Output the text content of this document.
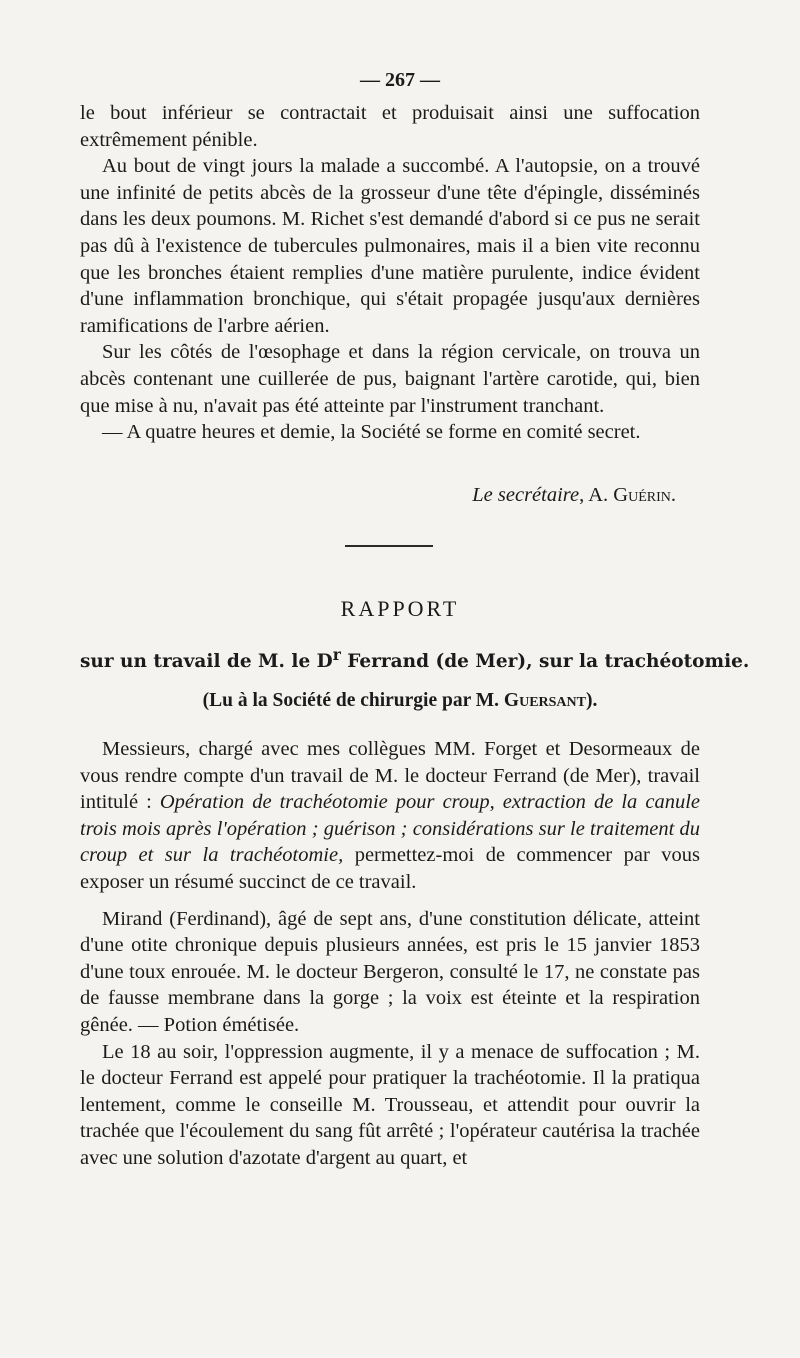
— 267 —

le bout inférieur se contractait et produisait ainsi une suffocation extrêmement pénible.

Au bout de vingt jours la malade a succombé. A l'autopsie, on a trouvé une infinité de petits abcès de la grosseur d'une tête d'épingle, disséminés dans les deux poumons. M. Richet s'est demandé d'abord si ce pus ne serait pas dû à l'existence de tubercules pulmonaires, mais il a bien vite reconnu que les bronches étaient remplies d'une matière purulente, indice évident d'une inflammation bronchique, qui s'était propagée jusqu'aux dernières ramifications de l'arbre aérien.

Sur les côtés de l'œsophage et dans la région cervicale, on trouva un abcès contenant une cuillerée de pus, baignant l'artère carotide, qui, bien que mise à nu, n'avait pas été atteinte par l'instrument tranchant.

— A quatre heures et demie, la Société se forme en comité secret.

Le secrétaire, A. Guérin.
RAPPORT
sur un travail de M. le $D^r$ Ferrand (de Mer), sur la trachéotomie.
(Lu à la Société de chirurgie par M. Guersant).

Messieurs, chargé avec mes collègues MM. Forget et Desormeaux de vous rendre compte d'un travail de M. le docteur Ferrand (de Mer), travail intitulé : Opération de trachéotomie pour croup, extraction de la canule trois mois après l'opération ; guérison ; considérations sur le traitement du croup et sur la trachéotomie, permettez-moi de commencer par vous exposer un résumé succinct de ce travail.

Mirand (Ferdinand), âgé de sept ans, d'une constitution délicate, atteint d'une otite chronique depuis plusieurs années, est pris le 15 janvier 1853 d'une toux enrouée. M. le docteur Bergeron, consulté le 17, ne constate pas de fausse membrane dans la gorge ; la voix est éteinte et la respiration gênée. — Potion émétisée.

Le 18 au soir, l'oppression augmente, il y a menace de suffocation ; M. le docteur Ferrand est appelé pour pratiquer la trachéotomie. Il la pratiqua lentement, comme le conseille M. Trousseau, et attendit pour ouvrir la trachée que l'écoulement du sang fût arrêté ; l'opérateur cautérisa la trachée avec une solution d'azotate d'argent au quart, et
